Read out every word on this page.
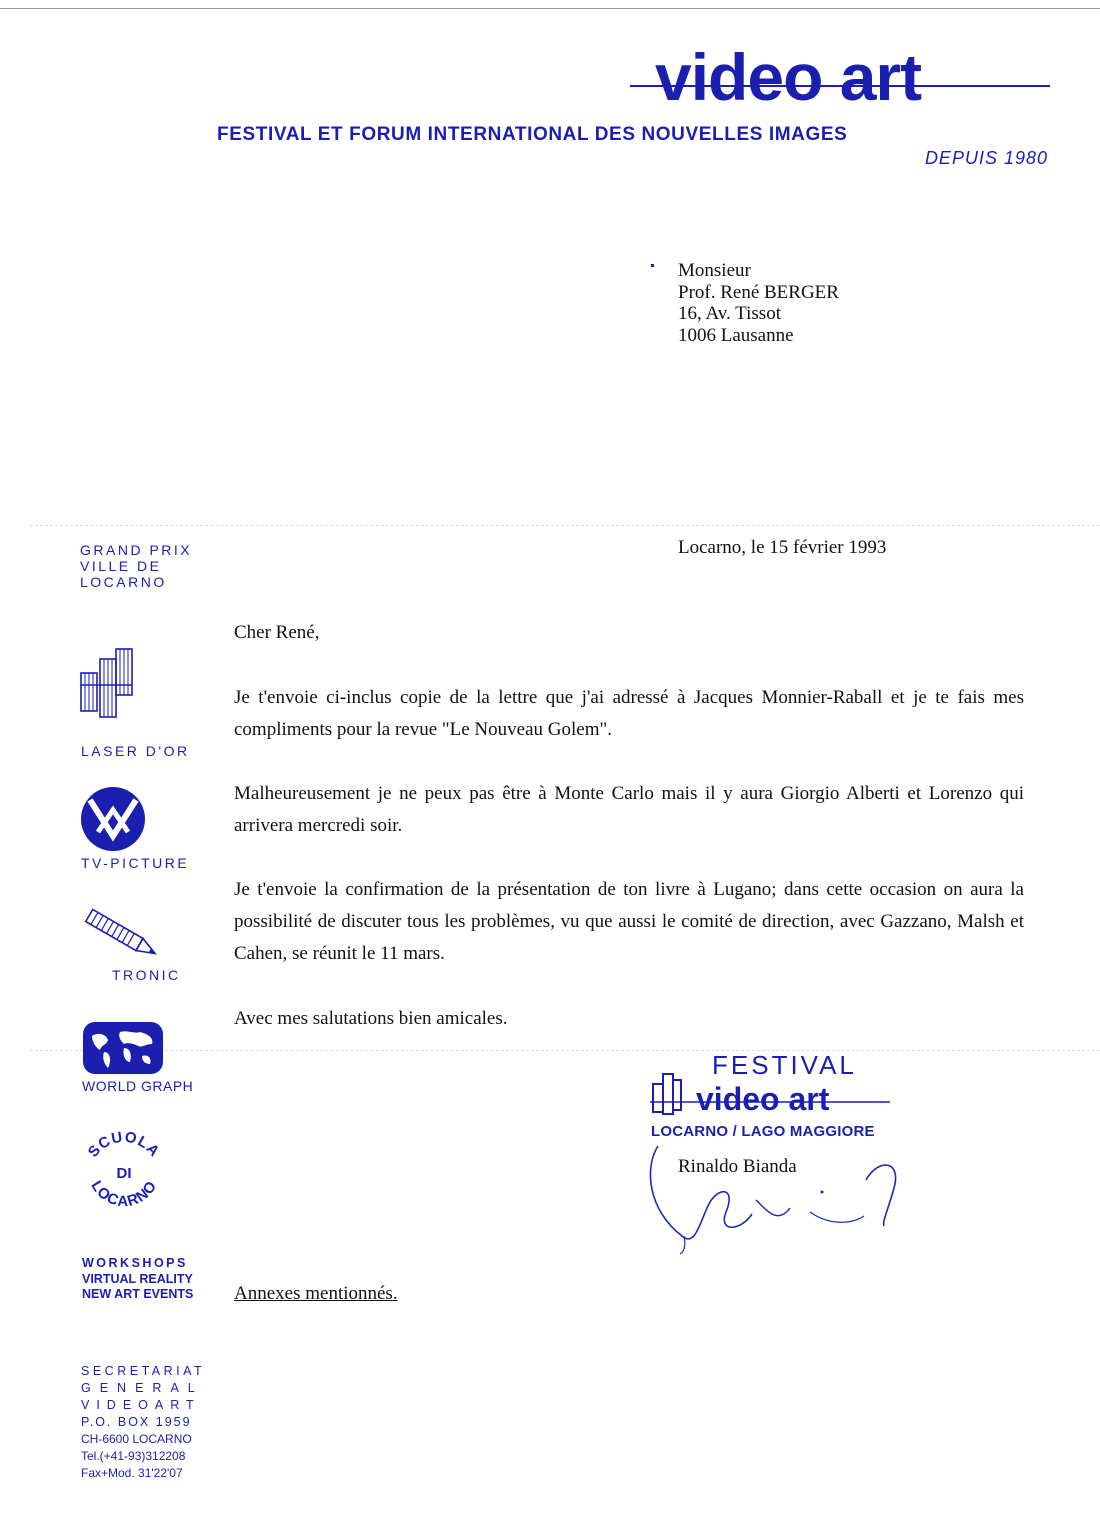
video art
FESTIVAL ET FORUM INTERNATIONAL DES NOUVELLES IMAGES
DEPUIS 1980
Monsieur
Prof. René BERGER
16, Av. Tissot
1006 Lausanne
Locarno, le 15 février 1993
Cher René,
Je t'envoie ci-inclus copie de la lettre que j'ai adressé à Jacques Monnier-Raball et je te fais mes compliments pour la revue "Le Nouveau Golem".
Malheureusement je ne peux pas être à Monte Carlo mais il y aura Giorgio Alberti et Lorenzo qui arrivera mercredi soir.
Je t'envoie la confirmation de la présentation de ton livre à Lugano; dans cette occasion on aura la possibilité de discuter tous les problèmes, vu que aussi le comité de direction, avec Gazzano, Malsh et Cahen, se réunit le 11 mars.
Avec mes salutations bien amicales.
FESTIVAL
video art
LOCARNO / LAGO MAGGIORE
Rinaldo Bianda
Annexes mentionnés.
GRAND PRIX
VILLE DE
LOCARNO
LASER D'OR
TV-PICTURE
TRONIC
WORLD GRAPH
SCUOLA
DI
LOCARNO
WORKSHOPS
VIRTUAL REALITY
NEW ART EVENTS
SECRETARIAT
GENERAL
VIDEOART
P.O. BOX 1959
CH-6600 LOCARNO
Tel.(+41-93)312208
Fax+Mod. 31'22'07
